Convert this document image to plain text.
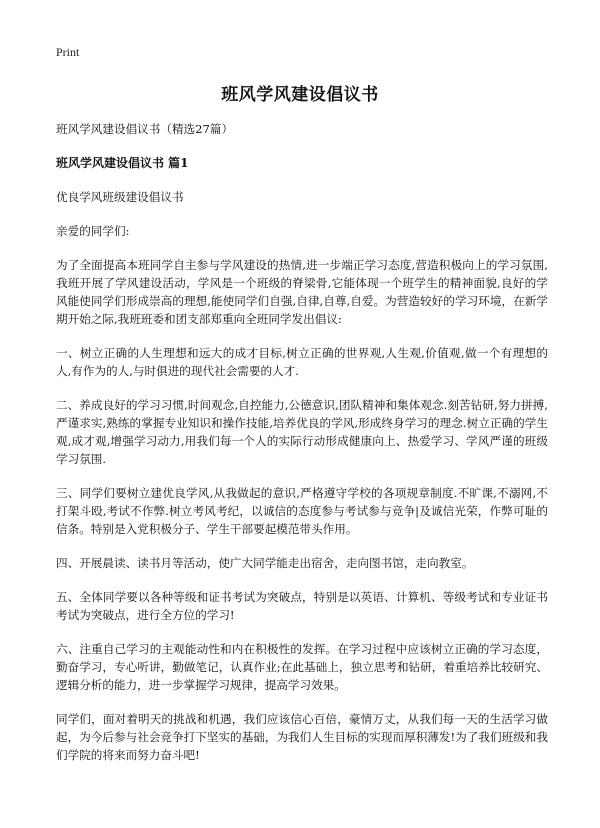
Print
班风学风建设倡议书

班风学风建设倡议书（精选27篇）

班风学风建设倡议书 篇1

优良学风班级建设倡议书

亲爱的同学们:

为了全面提高本班同学自主参与学风建设的热情,进一步端正学习态度,营造积极向上的学习氛围,我班开展了学风建设活动，学风是一个班级的脊梁骨,它能体现一个班学生的精神面貌,良好的学风能使同学们形成崇高的理想,能使同学们自强,自律,自尊,自爱。为营造较好的学习环境，在新学期开始之际,我班班委和团支部郑重向全班同学发出倡议:

一、树立正确的人生理想和远大的成才目标,树立正确的世界观,人生观,价值观,做一个有理想的人,有作为的人,与时俱进的现代社会需要的人才.

二、养成良好的学习习惯,时间观念,自控能力,公德意识,团队精神和集体观念.刻苦钻研,努力拼搏,严谨求实,熟练的掌握专业知识和操作技能,培养优良的学风,形成终身学习的理念.树立正确的学生观,成才观,增强学习动力,用我们每一个人的实际行动形成健康向上、热爱学习、学风严谨的班级学习氛围.

三、同学们要树立建优良学风,从我做起的意识,严格遵守学校的各项规章制度.不旷课,不溺网,不打架斗殴,考试不作弊.树立考风考纪，以诚信的态度参与考试参与竞争|及诚信光荣，作弊可耻的信条。特别是入党积极分子、学生干部要起模范带头作用。

四、开展晨读、读书月等活动，使广大同学能走出宿舍，走向图书馆，走向教室。

五、全体同学要以各种等级和证书考试为突破点，特别是以英语、计算机、等级考试和专业证书考试为突破点，进行全方位的学习!

六、注重自己学习的主观能动性和内在积极性的发挥。在学习过程中应该树立正确的学习态度，勤奋学习，专心听讲，勤做笔记，认真作业;在此基础上，独立思考和钻研，着重培养比较研究、逻辑分析的能力，进一步掌握学习规律，提高学习效果。

同学们，面对着明天的挑战和机遇，我们应该信心百倍，豪情万丈，从我们每一天的生活学习做起，为今后参与社会竞争打下坚实的基础，为我们人生目标的实现而厚积薄发!为了我们班级和我们学院的将来而努力奋斗吧!
